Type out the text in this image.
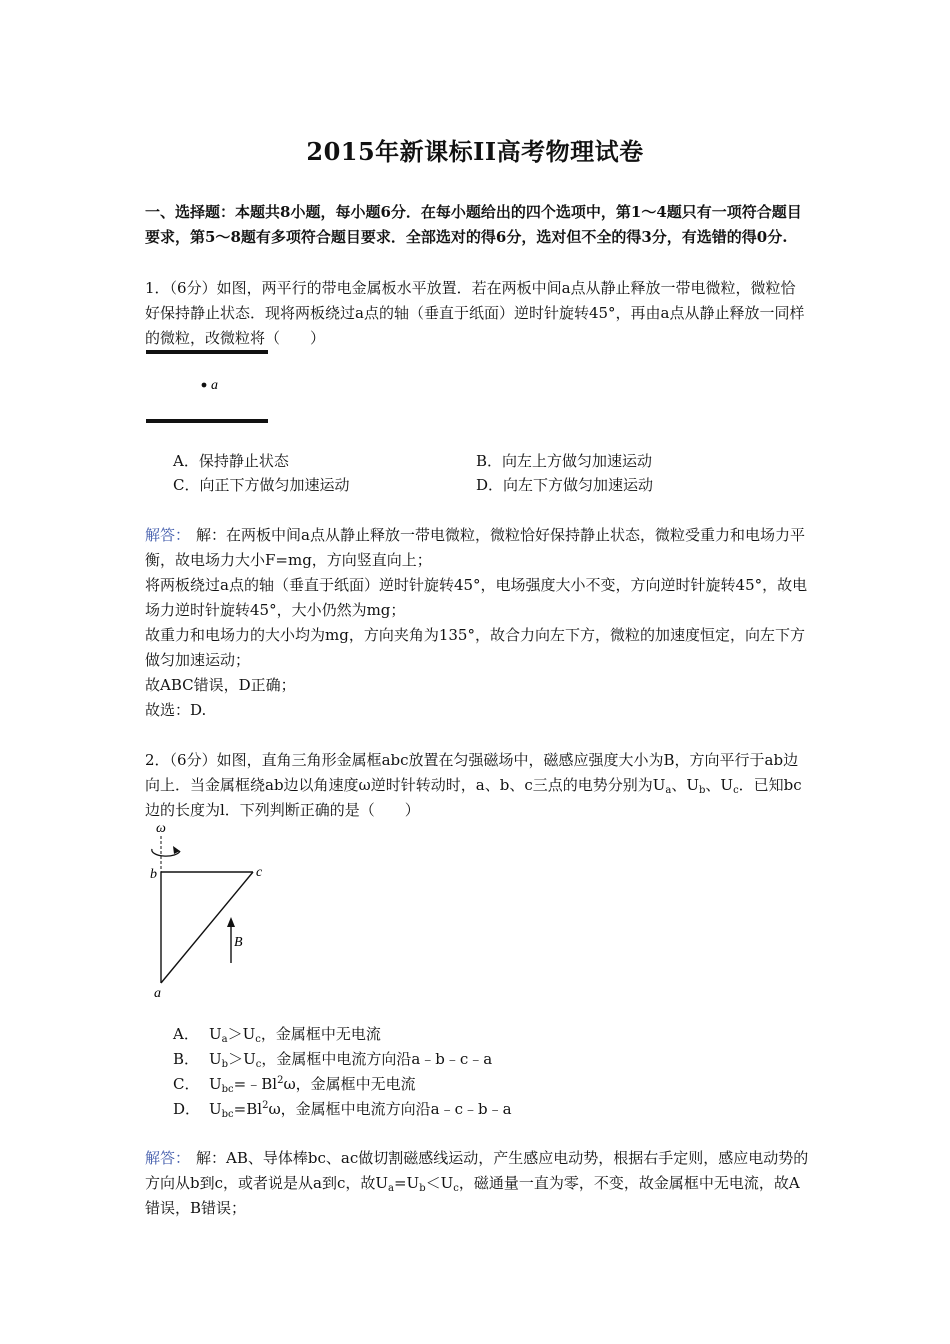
2015年新课标II高考物理试卷
一、选择题：本题共8小题，每小题6分．在每小题给出的四个选项中，第1～4题只有一项符合题目要求，第5～8题有多项符合题目要求．全部选对的得6分，选对但不全的得3分，有选错的得0分.
1．（6分）如图，两平行的带电金属板水平放置．若在两板中间a点从静止释放一带电微粒，微粒恰好保持静止状态．现将两板绕过a点的轴（垂直于纸面）逆时针旋转45°，再由a点从静止释放一同样的微粒，改微粒将（　　）
a
A．保持静止状态	B．向左上方做匀加速运动
C．向正下方做匀加速运动	D．向左下方做匀加速运动
解答： 解：在两板中间a点从静止释放一带电微粒，微粒恰好保持静止状态，微粒受重力和电场力平衡，故电场力大小F=mg，方向竖直向上；
将两板绕过a点的轴（垂直于纸面）逆时针旋转45°，电场强度大小不变，方向逆时针旋转45°，故电场力逆时针旋转45°，大小仍然为mg；
故重力和电场力的大小均为mg，方向夹角为135°，故合力向左下方，微粒的加速度恒定，向左下方做匀加速运动；
故ABC错误，D正确；
故选：D.
2．（6分）如图，直角三角形金属框abc放置在匀强磁场中，磁感应强度大小为B，方向平行于ab边向上．当金属框绕ab边以角速度ω逆时针转动时，a、b、c三点的电势分别为$U_a$、$U_b$、$U_c$．已知bc边的长度为l．下列判断正确的是（　　）
ω
b	c
B
a
A． $U_a>U_c$，金属框中无电流
B． $U_b>U_c$，金属框中电流方向沿a﹣b﹣c﹣a
C． $U_{bc}=﹣Bl^2\omega$，金属框中无电流
D． $U_{bc}=Bl^2\omega$，金属框中电流方向沿a﹣c﹣b﹣a
解答： 解：AB、导体棒bc、ac做切割磁感线运动，产生感应电动势，根据右手定则，感应电动势的方向从b到c，或者说是从a到c，故$U_a=U_b<U_c$，磁通量一直为零，不变，故金属框中无电流，故A错误，B错误；
